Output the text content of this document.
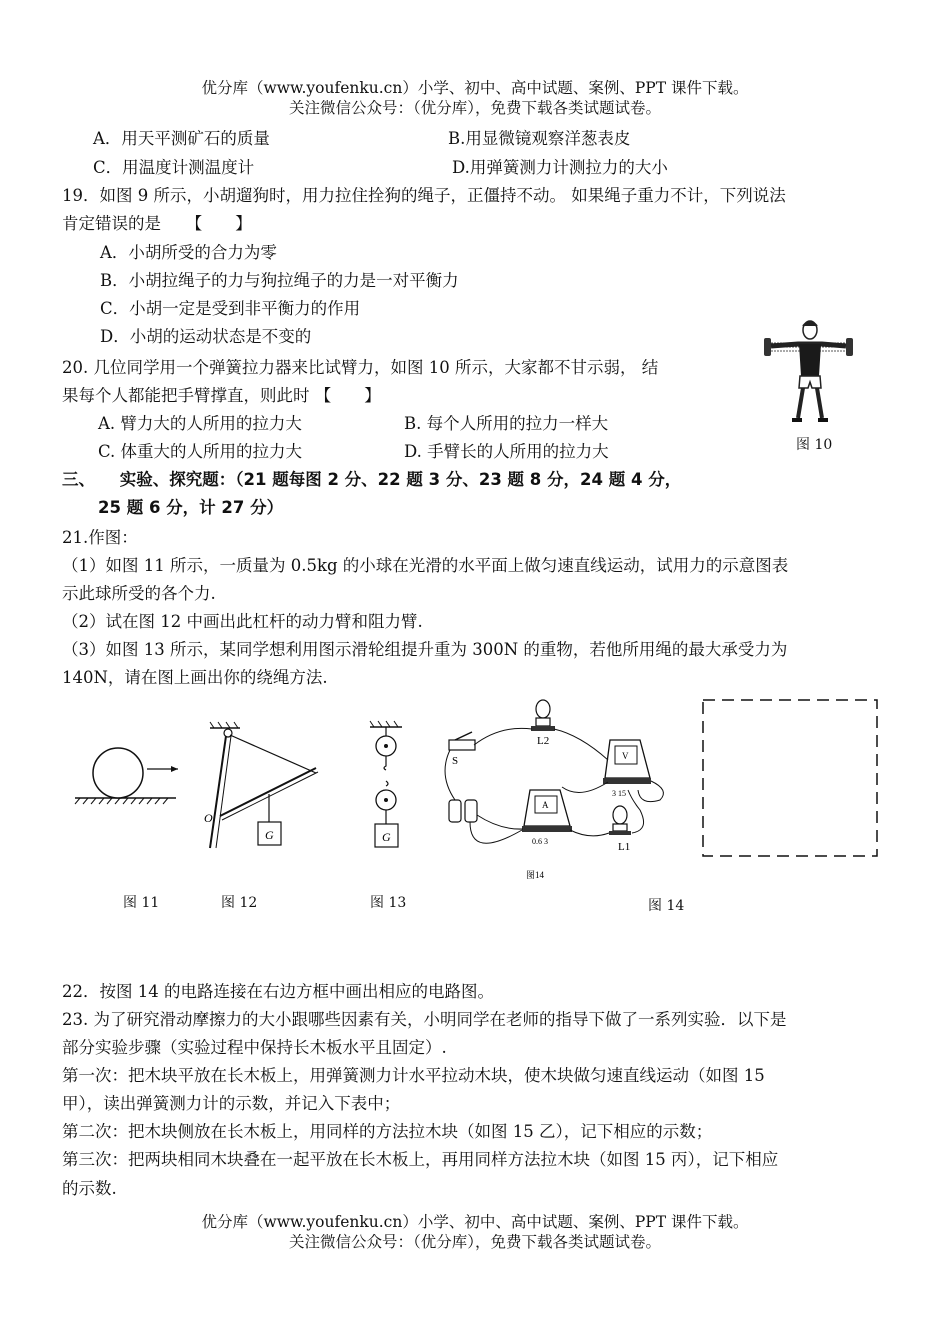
优分库（www.youfenku.cn）小学、初中、高中试题、案例、PPT 课件下载。
关注微信公众号：（优分库），免费下载各类试题试卷。
A．用天平测矿石的质量	B.用显微镜观察洋葱表皮
C．用温度计测温度计	D.用弹簧测力计测拉力的大小
19．如图 9 所示，小胡遛狗时，用力拉住拴狗的绳子，正僵持不动。 如果绳子重力不计，下列说法
肯定错误的是　　【　　】
A．小胡所受的合力为零
B．小胡拉绳子的力与狗拉绳子的力是一对平衡力
C．小胡一定是受到非平衡力的作用
D．小胡的运动状态是不变的
20. 几位同学用一个弹簧拉力器来比试臂力，如图 10 所示，大家都不甘示弱， 结
果每个人都能把手臂撑直，则此时 【　　】
A. 臂力大的人所用的拉力大	B. 每个人所用的拉力一样大
C. 体重大的人所用的拉力大	D. 手臂长的人所用的拉力大	图 10
三、　　实验、探究题：（21 题每图 2 分、22 题 3 分、23 题 8 分，24 题 4 分，
25 题 6 分，计 27 分）
21.作图：
（1）如图 11 所示，一质量为 0.5kg 的小球在光滑的水平面上做匀速直线运动，试用力的示意图表
示此球所受的各个力.
（2）试在图 12 中画出此杠杆的动力臂和阻力臂.
（3）如图 13 所示，某同学想利用图示滑轮组提升重为 300N 的重物，若他所用绳的最大承受力为
140N，请在图上画出你的绕绳方法.
G
O
G
S
L2
V
3 15
A
0.6 3	L1
图14
图 11	图 12	图 13	图 14
22．按图 14 的电路连接在右边方框中画出相应的电路图。
23. 为了研究滑动摩擦力的大小跟哪些因素有关，小明同学在老师的指导下做了一系列实验．以下是
部分实验步骤（实验过程中保持长木板水平且固定）.
第一次：把木块平放在长木板上，用弹簧测力计水平拉动木块，使木块做匀速直线运动（如图 15
甲），读出弹簧测力计的示数，并记入下表中；
第二次：把木块侧放在长木板上，用同样的方法拉木块（如图 15 乙），记下相应的示数；
第三次：把两块相同木块叠在一起平放在长木板上，再用同样方法拉木块（如图 15 丙），记下相应
的示数.
优分库（www.youfenku.cn）小学、初中、高中试题、案例、PPT 课件下载。
关注微信公众号：（优分库），免费下载各类试题试卷。
